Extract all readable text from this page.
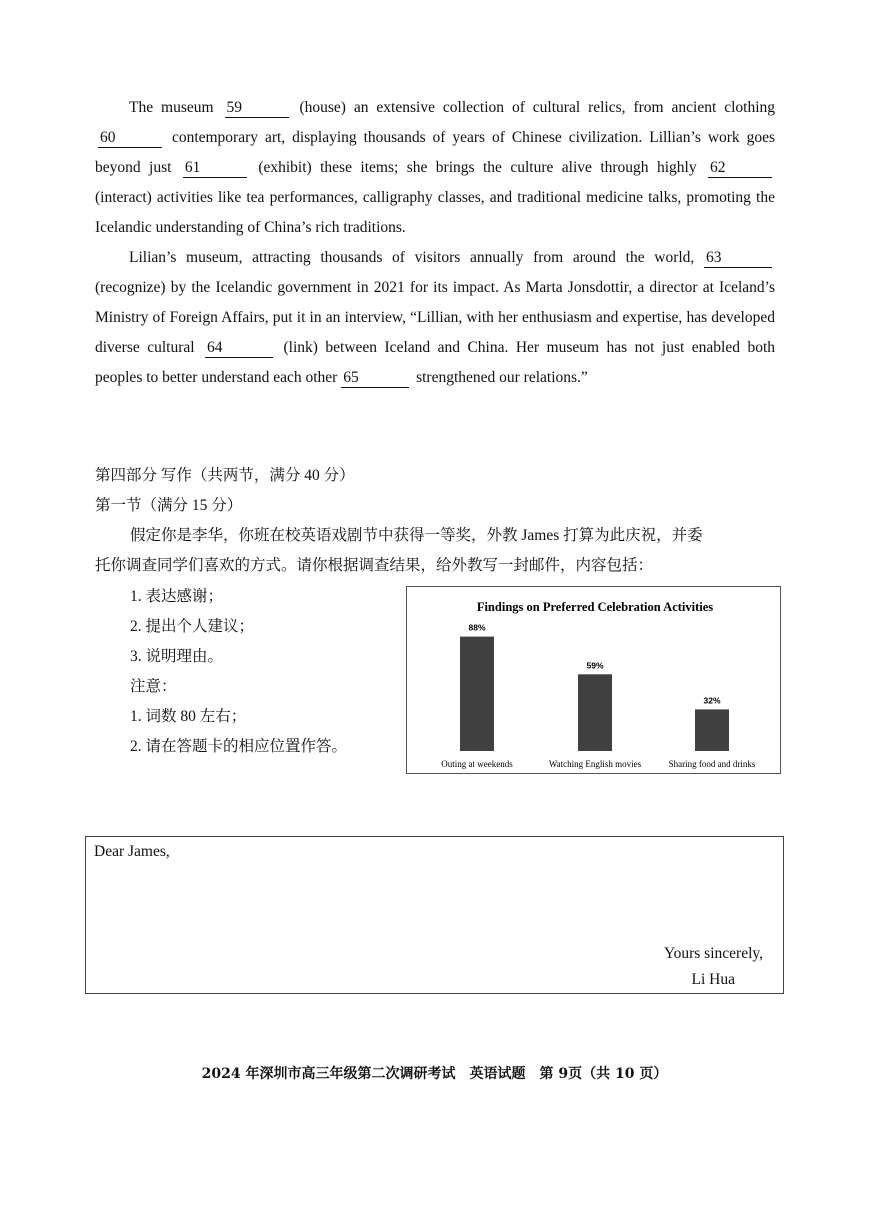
The museum 59	(house) an extensive collection of cultural relics, from ancient clothing 60	contemporary art, displaying thousands of years of Chinese civilization. Lillian’s work goes beyond just 61	(exhibit) these items; she brings the culture alive through highly 62 (interact) activities like tea performances, calligraphy classes, and traditional medicine talks, promoting the Icelandic understanding of China’s rich traditions.
Lilian’s museum, attracting thousands of visitors annually from around the world, 63 (recognize) by the Icelandic government in 2021 for its impact. As Marta Jonsdottir, a director at Iceland’s Ministry of Foreign Affairs, put it in an interview, “Lillian, with her enthusiasm and expertise, has developed diverse cultural 64	(link) between Iceland and China. Her museum has not just enabled both peoples to better understand each other 65	strengthened our relations.”
第四部分 写作（共两节，满分 40 分）
第一节（满分 15 分）
假定你是李华，你班在校英语戏剧节中获得一等奖，外教 James 打算为此庆祝，并委
托你调查同学们喜欢的方式。请你根据调查结果，给外教写一封邮件，内容包括：
1. 表达感谢；
2. 提出个人建议；
3. 说明理由。
注意：
1. 词数 80 左右；
2. 请在答题卡的相应位置作答。
Findings on Preferred Celebration Activities
88%
Outing at weekends
59%
Watching English movies
32%
Sharing food and drinks
Dear James,
Yours sincerely,
Li Hua
2024 年深圳市高三年级第二次调研考试　英语试题　第 9页（共 10 页）
